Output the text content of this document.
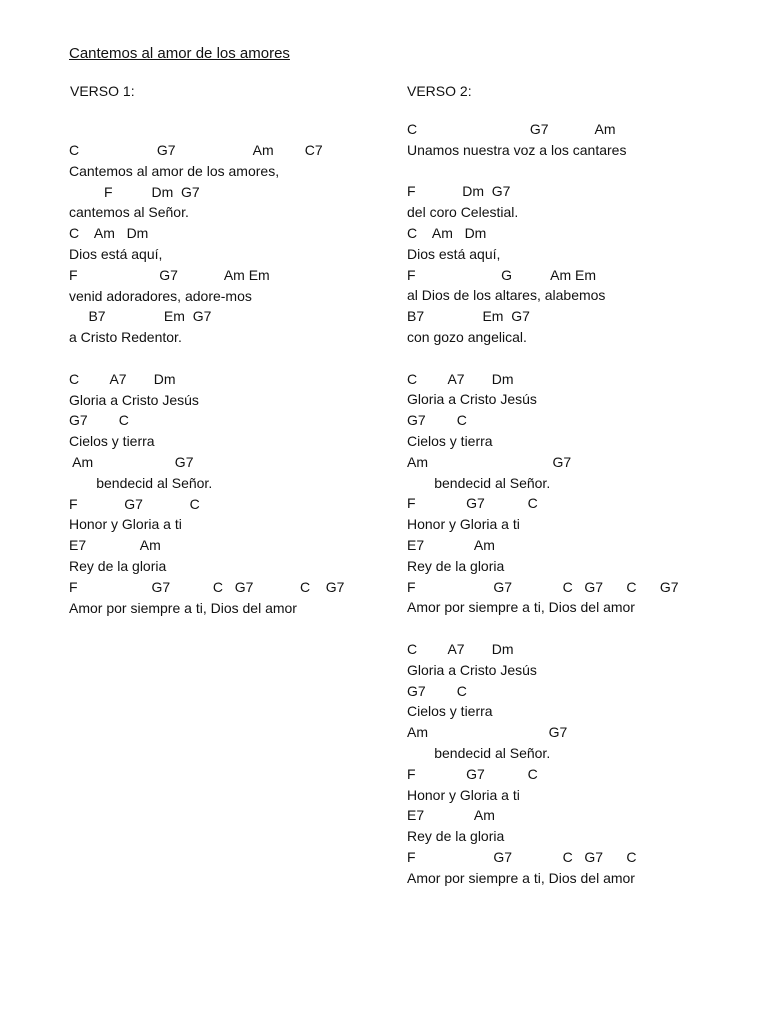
Cantemos al amor de los amores
VERSO 1:
C                    G7                    Am        C7
Cantemos al amor de los amores,
F          Dm  G7
cantemos al Señor.
C    Am   Dm
Dios está aquí,
F                     G7            Am Em
venid adoradores, adore-mos
B7               Em  G7
a Cristo Redentor.
C        A7       Dm
Gloria a Cristo Jesús
G7        C
Cielos y tierra
Am                     G7
bendecid al Señor.
F            G7            C
Honor y Gloria a ti
E7              Am
Rey de la gloria
F                   G7           C   G7            C    G7
Amor por siempre a ti, Dios del amor
VERSO 2:
C                             G7            Am
Unamos nuestra voz a los cantares
F            Dm  G7
del coro Celestial.
C    Am   Dm
Dios está aquí,
F                      G          Am Em
al Dios de los altares, alabemos
B7               Em  G7
con gozo angelical.
C        A7       Dm
Gloria a Cristo Jesús
G7        C
Cielos y tierra
Am                                G7
bendecid al Señor.
F             G7           C
Honor y Gloria a ti
E7             Am
Rey de la gloria
F                    G7             C   G7      C      G7
Amor por siempre a ti, Dios del amor
C        A7       Dm
Gloria a Cristo Jesús
G7        C
Cielos y tierra
Am                               G7
bendecid al Señor.
F             G7           C
Honor y Gloria a ti
E7             Am
Rey de la gloria
F                    G7             C   G7      C
Amor por siempre a ti, Dios del amor
